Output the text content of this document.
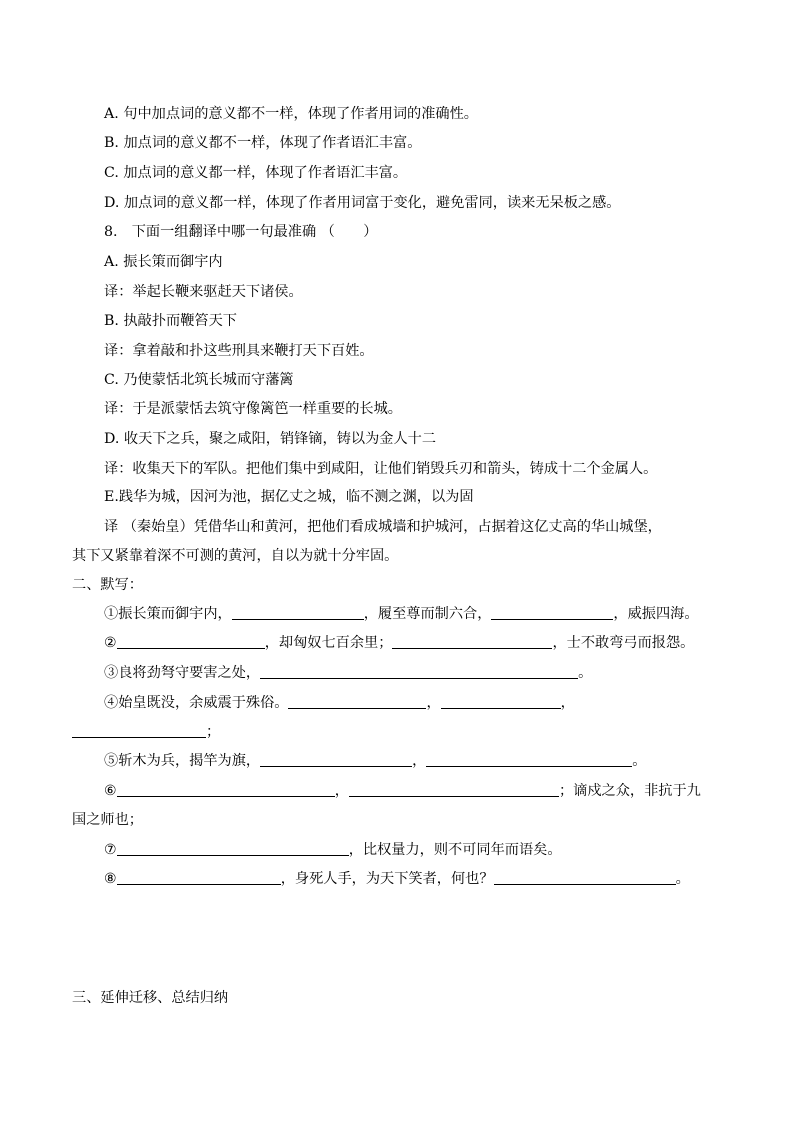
A. 句中加点词的意义都不一样，体现了作者用词的准确性。
B. 加点词的意义都不一样，体现了作者语汇丰富。
C. 加点词的意义都一样，体现了作者语汇丰富。
D. 加点词的意义都一样，体现了作者用词富于变化，避免雷同，读来无呆板之感。
8.　下面一组翻译中哪一句最准确 （　　）
A. 振长策而御宇内
译：举起长鞭来驱赶天下诸侯。
B. 执敲扑而鞭笞天下
译：拿着敲和扑这些刑具来鞭打天下百姓。
C. 乃使蒙恬北筑长城而守藩篱
译：于是派蒙恬去筑守像篱笆一样重要的长城。
D. 收天下之兵，聚之咸阳，销锋镝，铸以为金人十二
译：收集天下的军队。把他们集中到咸阳，让他们销毁兵刃和箭头，铸成十二个金属人。
E.践华为城，因河为池，据亿丈之城，临不测之渊，以为固
译 （秦始皇）凭借华山和黄河，把他们看成城墙和护城河，占据着这亿丈高的华山城堡，
其下又紧靠着深不可测的黄河，自以为就十分牢固。
二、默写：
①振长策而御宇内，	，履至尊而制六合，	，威振四海。
②	，却匈奴七百余里；	，士不敢弯弓而报怨。
③良将劲弩守要害之处，	。
④始皇既没，余威震于殊俗。	，	，
；
⑤斩木为兵，揭竿为旗，	，	。
⑥	，	；谪戍之众，非抗于九
国之师也；
⑦	，比权量力，则不可同年而语矣。
⑧	，身死人手，为天下笑者，何也？	。
三、延伸迁移、总结归纳
